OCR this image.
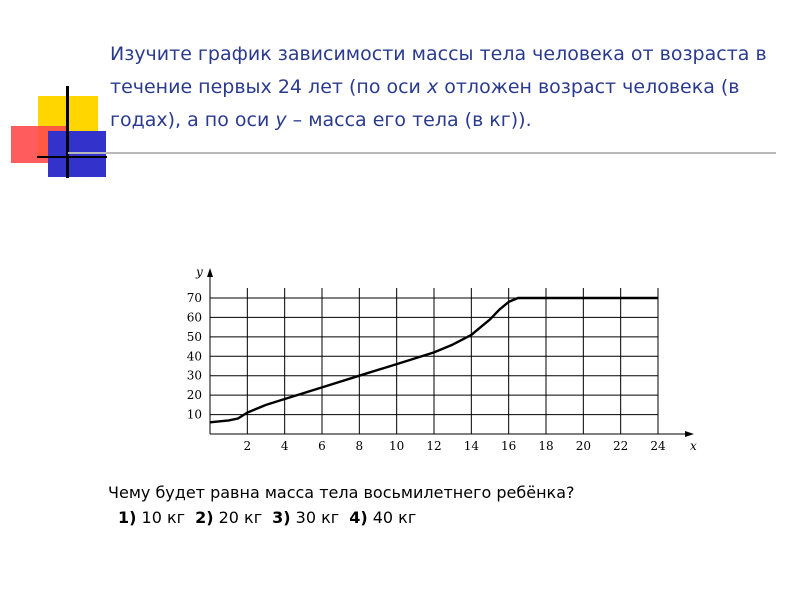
Изучите график зависимости массы тела человека от возраста в течение первых 24 лет (по оси x отложен возраст человека (в годах), а по оси y – масса его тела (в кг)).
2 4 6 8 10 12 14 16 18 20 22 24
10
20
30
40
50
60
70
x
y
Чему будет равна масса тела восьмилетнего ребёнка?
1) 10 кг 2) 20 кг 3) 30 кг 4) 40 кг
